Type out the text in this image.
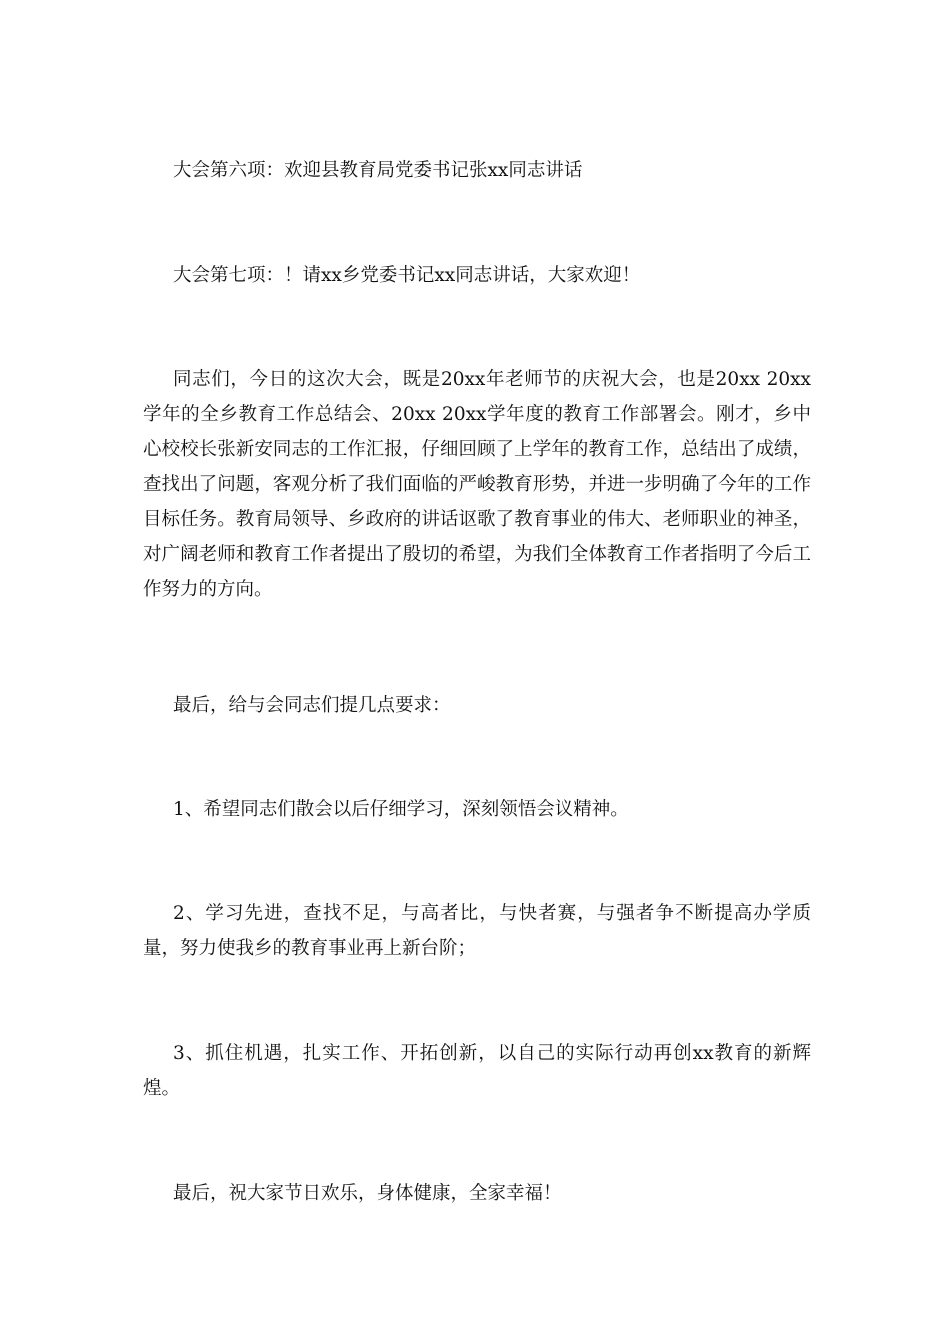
大会第六项：欢迎县教育局党委书记张xx同志讲话

大会第七项：！请xx乡党委书记xx同志讲话，大家欢迎！

同志们，今日的这次大会，既是20xx年老师节的庆祝大会，也是20xx 20xx学年的全乡教育工作总结会、20xx 20xx学年度的教育工作部署会。刚才，乡中心校校长张新安同志的工作汇报，仔细回顾了上学年的教育工作，总结出了成绩，查找出了问题，客观分析了我们面临的严峻教育形势，并进一步明确了今年的工作目标任务。教育局领导、乡政府的讲话讴歌了教育事业的伟大、老师职业的神圣，对广阔老师和教育工作者提出了殷切的希望，为我们全体教育工作者指明了今后工作努力的方向。

最后，给与会同志们提几点要求：

1、希望同志们散会以后仔细学习，深刻领悟会议精神。

2、学习先进，查找不足，与高者比，与快者赛，与强者争不断提高办学质量，努力使我乡的教育事业再上新台阶；

3、抓住机遇，扎实工作、开拓创新，以自己的实际行动再创xx教育的新辉煌。

最后，祝大家节日欢乐，身体健康，全家幸福！
